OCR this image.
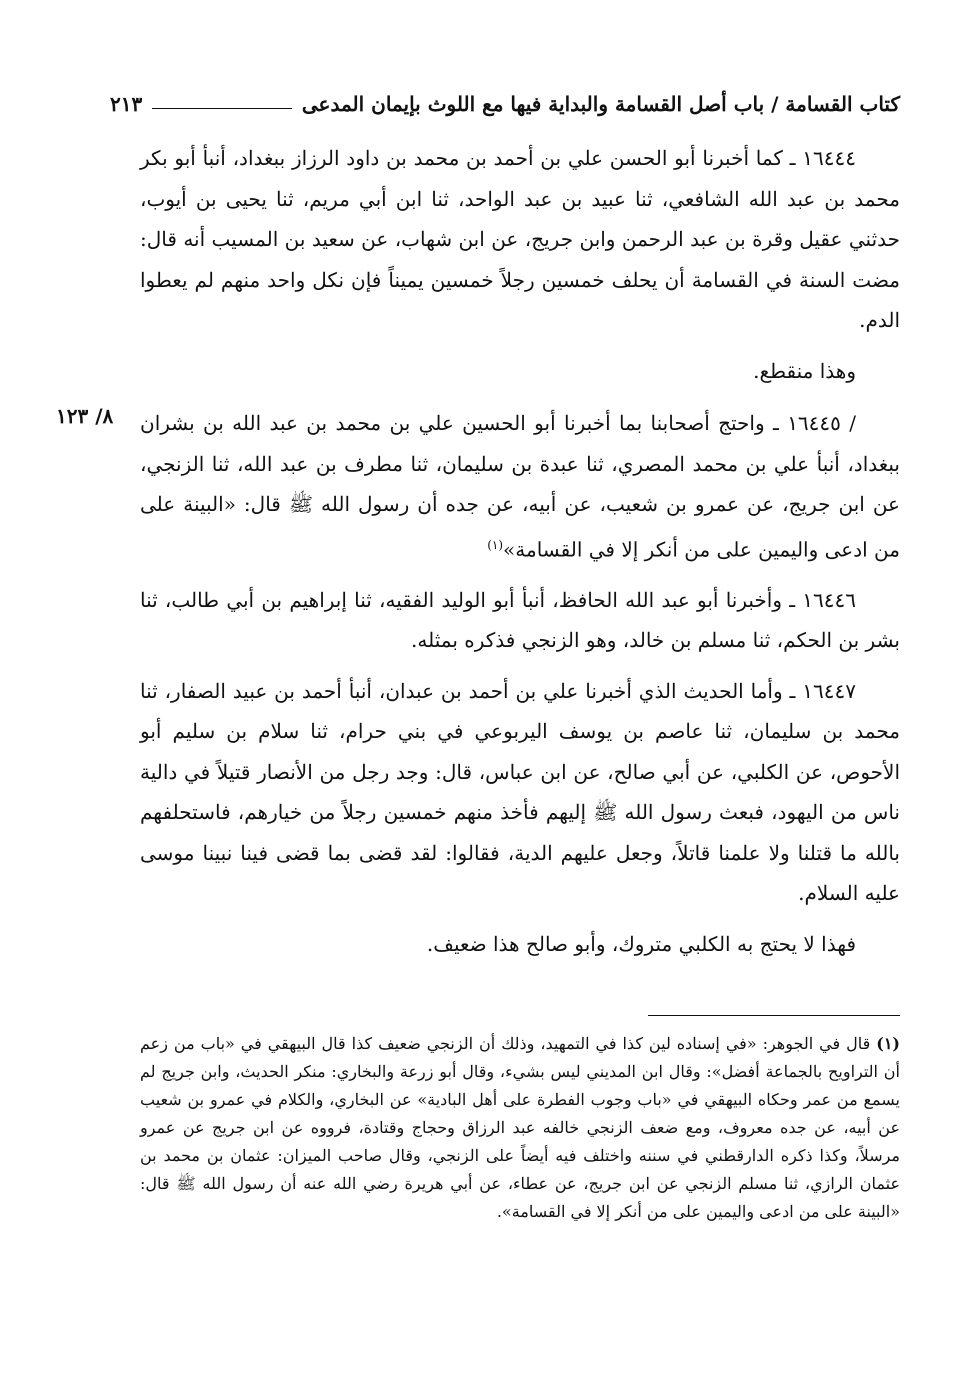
كتاب القسامة / باب أصل القسامة والبداية فيها مع اللوث بإيمان المدعى
٢١٣
٨/ ١٢٣

١٦٤٤٤ ـ كما أخبرنا أبو الحسن علي بن أحمد بن محمد بن داود الرزاز ببغداد، أنبأ أبو بكر محمد بن عبد الله الشافعي، ثنا عبيد بن عبد الواحد، ثنا ابن أبي مريم، ثنا يحيى بن أيوب، حدثني عقيل وقرة بن عبد الرحمن وابن جريج، عن ابن شهاب، عن سعيد بن المسيب أنه قال: مضت السنة في القسامة أن يحلف خمسين رجلاً خمسين يميناً فإن نكل واحد منهم لم يعطوا الدم.

وهذا منقطع.

/ ١٦٤٤٥ ـ واحتج أصحابنا بما أخبرنا أبو الحسين علي بن محمد بن عبد الله بن بشران ببغداد، أنبأ علي بن محمد المصري، ثنا عبدة بن سليمان، ثنا مطرف بن عبد الله، ثنا الزنجي، عن ابن جريج، عن عمرو بن شعيب، عن أبيه، عن جده أن رسول الله ﷺ قال: «البينة على من ادعى واليمين على من أنكر إلا في القسامة»$^{(١)}$

١٦٤٤٦ ـ وأخبرنا أبو عبد الله الحافظ، أنبأ أبو الوليد الفقيه، ثنا إبراهيم بن أبي طالب، ثنا بشر بن الحكم، ثنا مسلم بن خالد، وهو الزنجي فذكره بمثله.

١٦٤٤٧ ـ وأما الحديث الذي أخبرنا علي بن أحمد بن عبدان، أنبأ أحمد بن عبيد الصفار، ثنا محمد بن سليمان، ثنا عاصم بن يوسف اليربوعي في بني حرام، ثنا سلام بن سليم أبو الأحوص، عن الكلبي، عن أبي صالح، عن ابن عباس، قال: وجد رجل من الأنصار قتيلاً في دالية ناس من اليهود، فبعث رسول الله ﷺ إليهم فأخذ منهم خمسين رجلاً من خيارهم، فاستحلفهم بالله ما قتلنا ولا علمنا قاتلاً، وجعل عليهم الدية، فقالوا: لقد قضى بما قضى فينا نبينا موسى عليه السلام.

فهذا لا يحتج به الكلبي متروك، وأبو صالح هذا ضعيف.

(١) قال في الجوهر: «في إسناده لين كذا في التمهيد، وذلك أن الزنجي ضعيف كذا قال البيهقي في «باب من زعم أن التراويح بالجماعة أفضل»: وقال ابن المديني ليس بشيء، وقال أبو زرعة والبخاري: منكر الحديث، وابن جريج لم يسمع من عمر وحكاه البيهقي في «باب وجوب الفطرة على أهل البادية» عن البخاري، والكلام في عمرو بن شعيب عن أبيه، عن جده معروف، ومع ضعف الزنجي خالفه عبد الرزاق وحجاج وقتادة، فرووه عن ابن جريج عن عمرو مرسلاً، وكذا ذكره الدارقطني في سننه واختلف فيه أيضاً على الزنجي، وقال صاحب الميزان: عثمان بن محمد بن عثمان الرازي، ثنا مسلم الزنجي عن ابن جريج، عن عطاء، عن أبي هريرة رضي الله عنه أن رسول الله ﷺ قال: «البينة على من ادعى واليمين على من أنكر إلا في القسامة».
